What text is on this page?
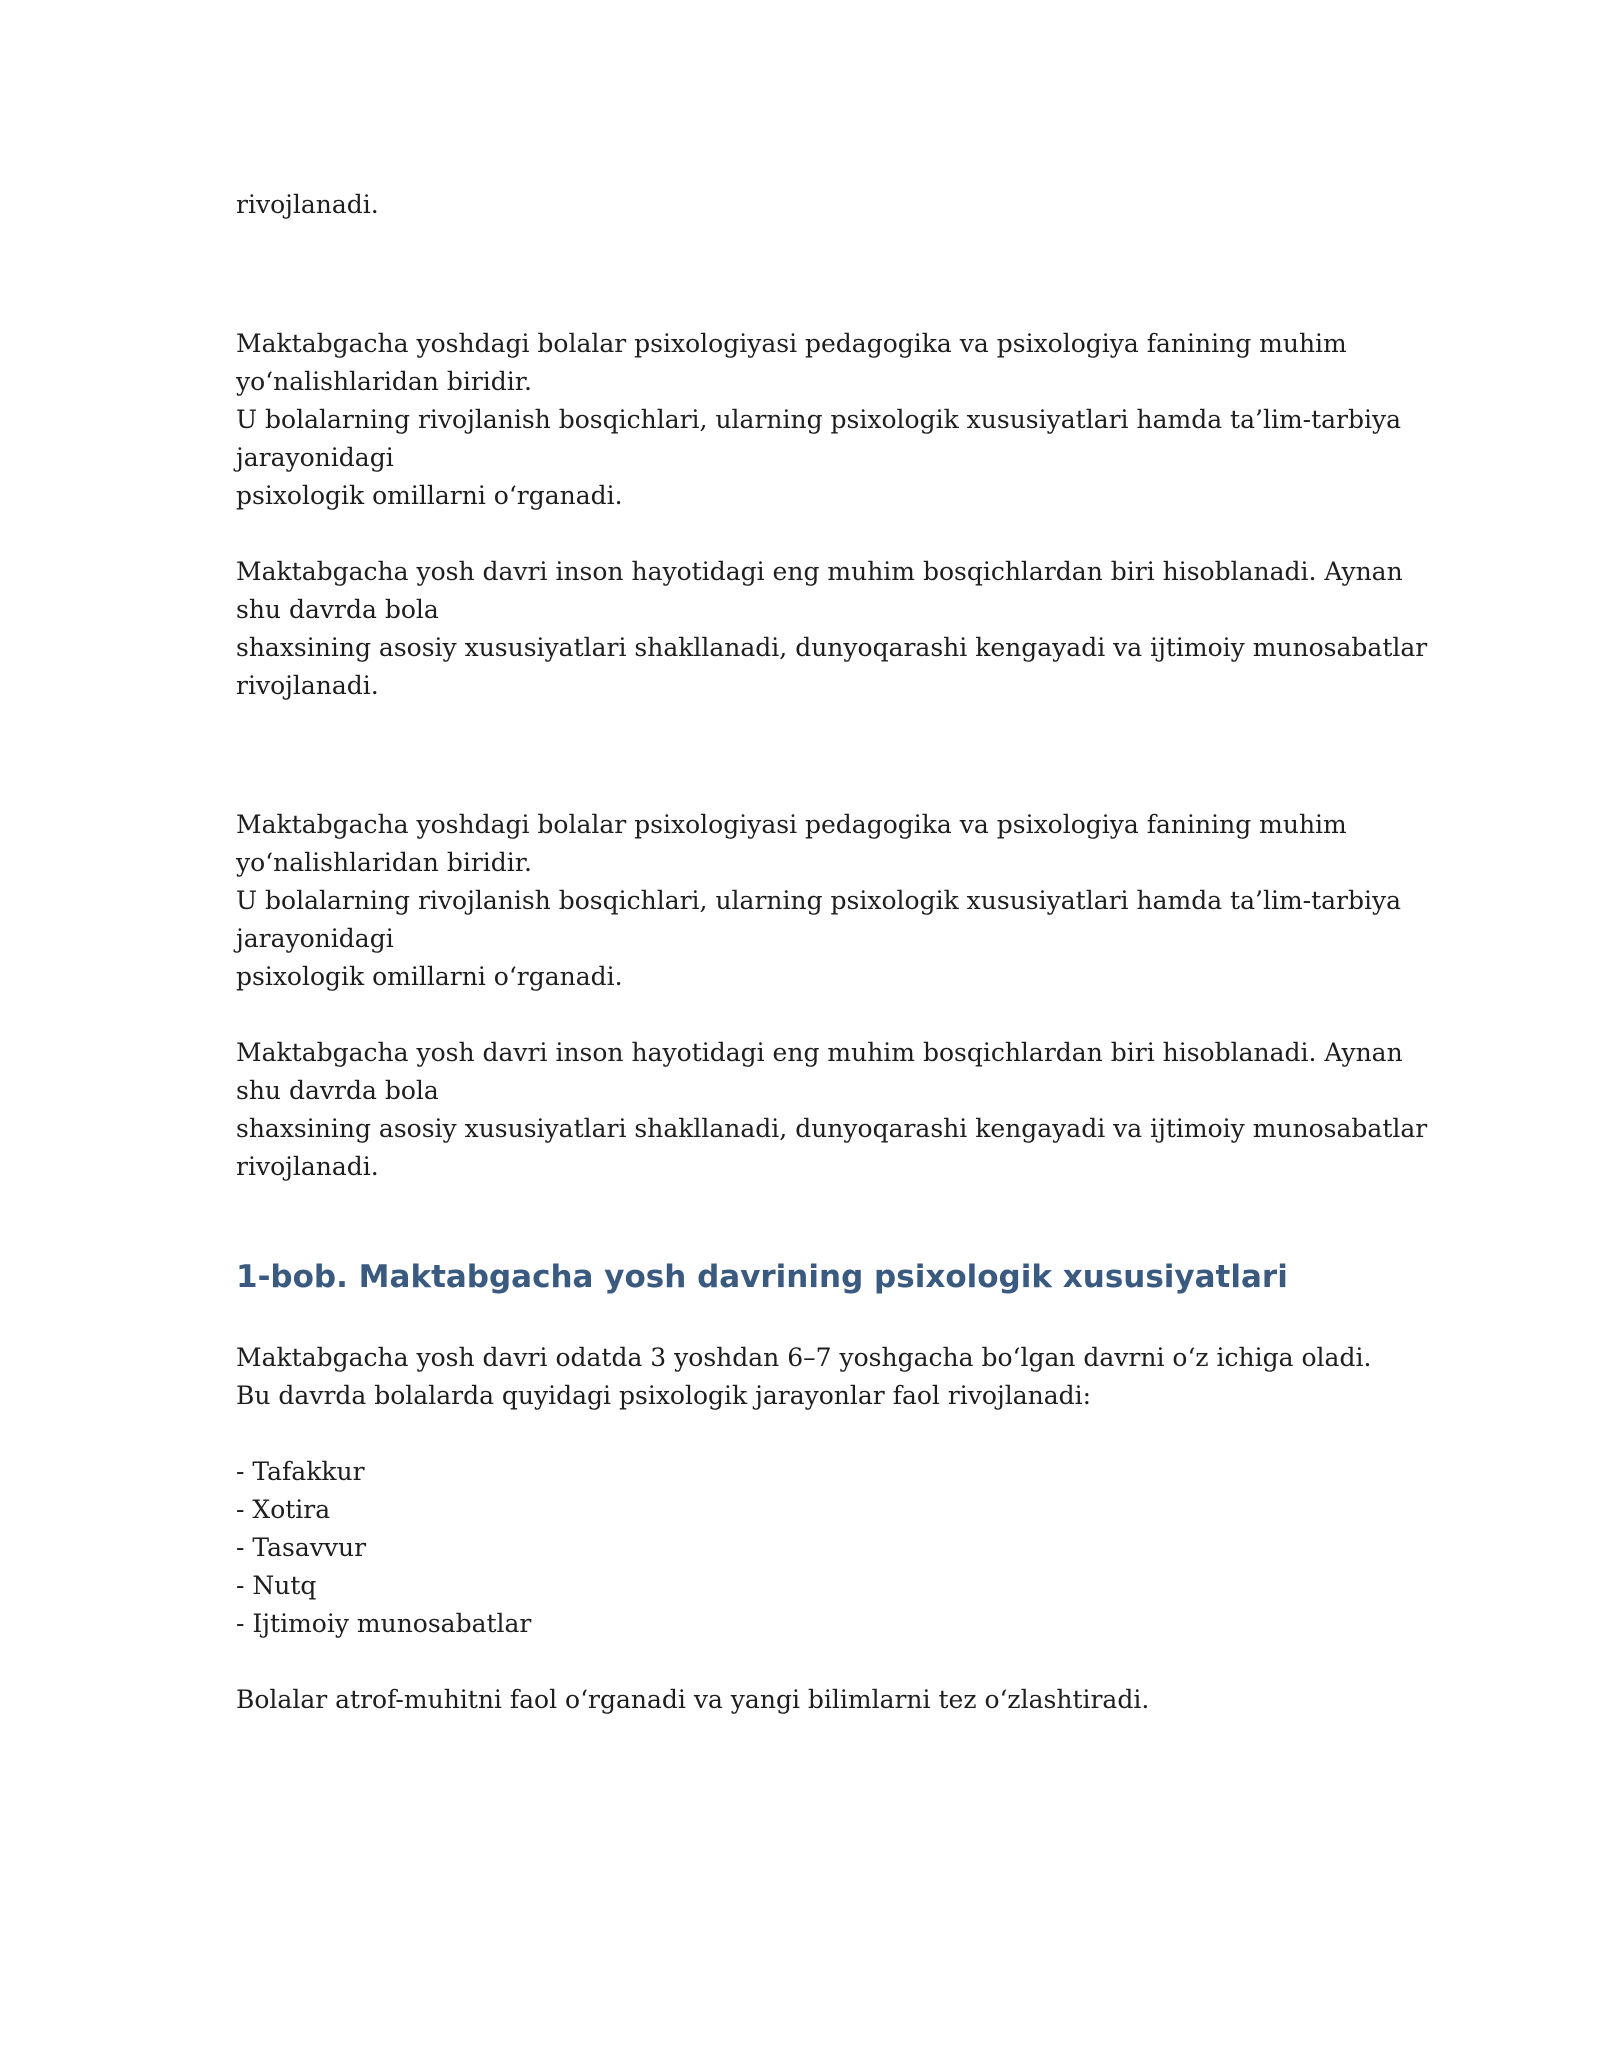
rivojlanadi.
Maktabgacha yoshdagi bolalar psixologiyasi pedagogika va psixologiya fanining muhim
yo‘nalishlaridan biridir.
U bolalarning rivojlanish bosqichlari, ularning psixologik xususiyatlari hamda ta’lim-tarbiya
jarayonidagi
psixologik omillarni o‘rganadi.
Maktabgacha yosh davri inson hayotidagi eng muhim bosqichlardan biri hisoblanadi. Aynan
shu davrda bola
shaxsining asosiy xususiyatlari shakllanadi, dunyoqarashi kengayadi va ijtimoiy munosabatlar
rivojlanadi.
Maktabgacha yoshdagi bolalar psixologiyasi pedagogika va psixologiya fanining muhim
yo‘nalishlaridan biridir.
U bolalarning rivojlanish bosqichlari, ularning psixologik xususiyatlari hamda ta’lim-tarbiya
jarayonidagi
psixologik omillarni o‘rganadi.
Maktabgacha yosh davri inson hayotidagi eng muhim bosqichlardan biri hisoblanadi. Aynan
shu davrda bola
shaxsining asosiy xususiyatlari shakllanadi, dunyoqarashi kengayadi va ijtimoiy munosabatlar
rivojlanadi.
1-bob. Maktabgacha yosh davrining psixologik xususiyatlari
Maktabgacha yosh davri odatda 3 yoshdan 6–7 yoshgacha bo‘lgan davrni o‘z ichiga oladi.
Bu davrda bolalarda quyidagi psixologik jarayonlar faol rivojlanadi:
- Tafakkur
- Xotira
- Tasavvur
- Nutq
- Ijtimoiy munosabatlar
Bolalar atrof-muhitni faol o‘rganadi va yangi bilimlarni tez o‘zlashtiradi.
